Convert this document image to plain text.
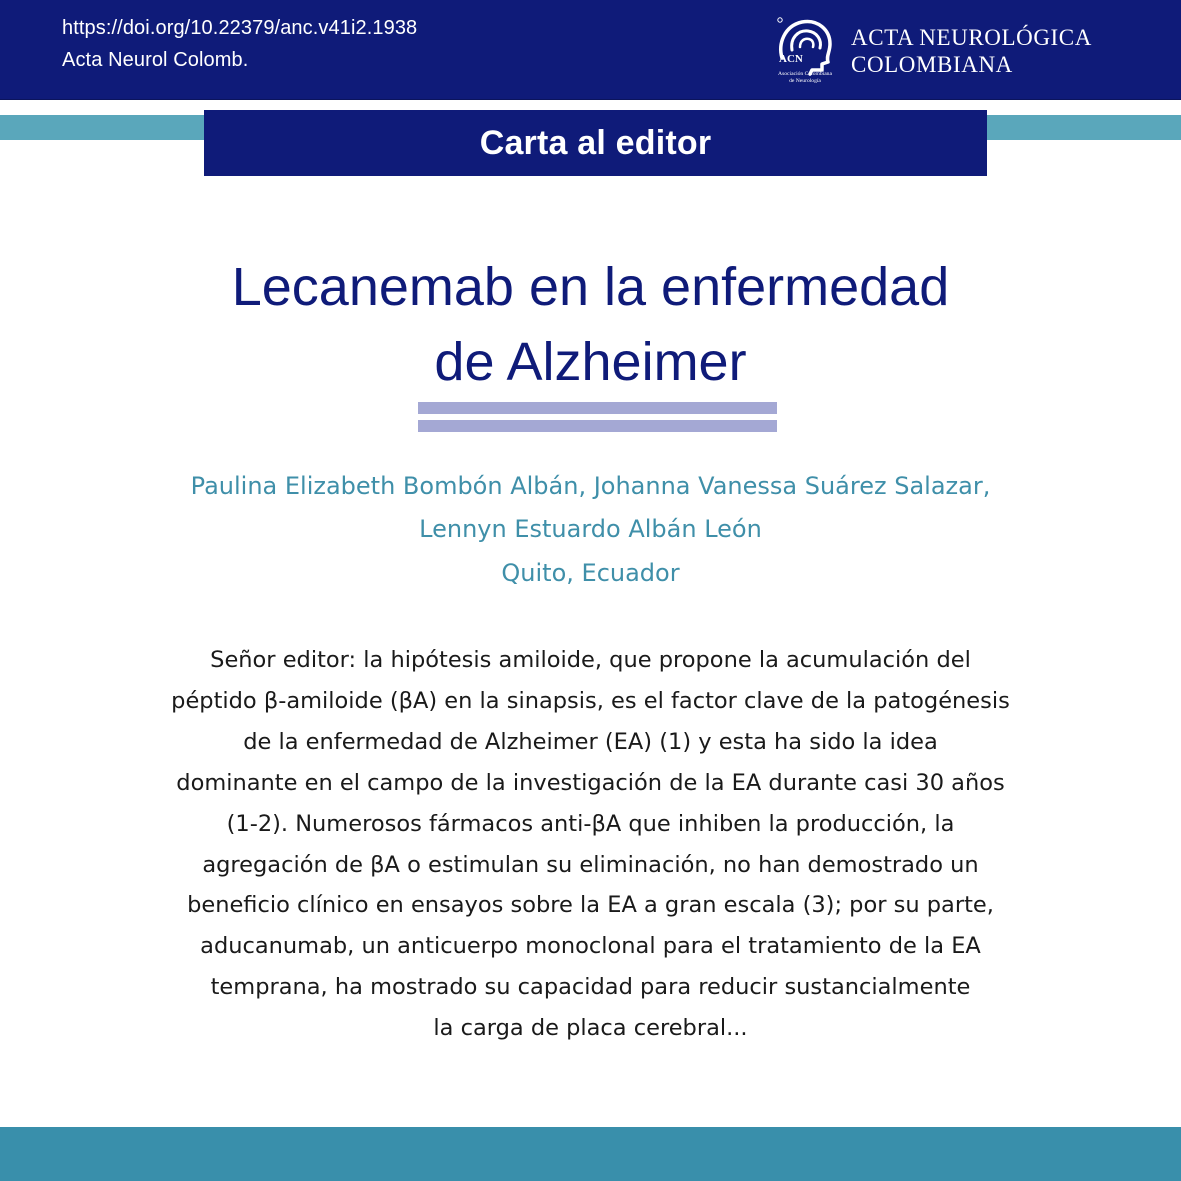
https://doi.org/10.22379/anc.v41i2.1938
Acta Neurol Colomb.	ACN
Asociación Colombiana
de Neurología
ACTA NEUROLÓGICA
COLOMBIANA
Carta al editor
Lecanemab en la enfermedad
de Alzheimer
Paulina Elizabeth Bombón Albán, Johanna Vanessa Suárez Salazar,
Lennyn Estuardo Albán León
Quito, Ecuador

Señor editor: la hipótesis amiloide, que propone la acumulación del
péptido β-amiloide (βA) en la sinapsis, es el factor clave de la patogénesis
de la enfermedad de Alzheimer (EA) (1) y esta ha sido la idea
dominante en el campo de la investigación de la EA durante casi 30 años
(1-2). Numerosos fármacos anti-βA que inhiben la producción, la
agregación de βA o estimulan su eliminación, no han demostrado un
beneficio clínico en ensayos sobre la EA a gran escala (3); por su parte,
aducanumab, un anticuerpo monoclonal para el tratamiento de la EA
temprana, ha mostrado su capacidad para reducir sustancialmente
la carga de placa cerebral...
